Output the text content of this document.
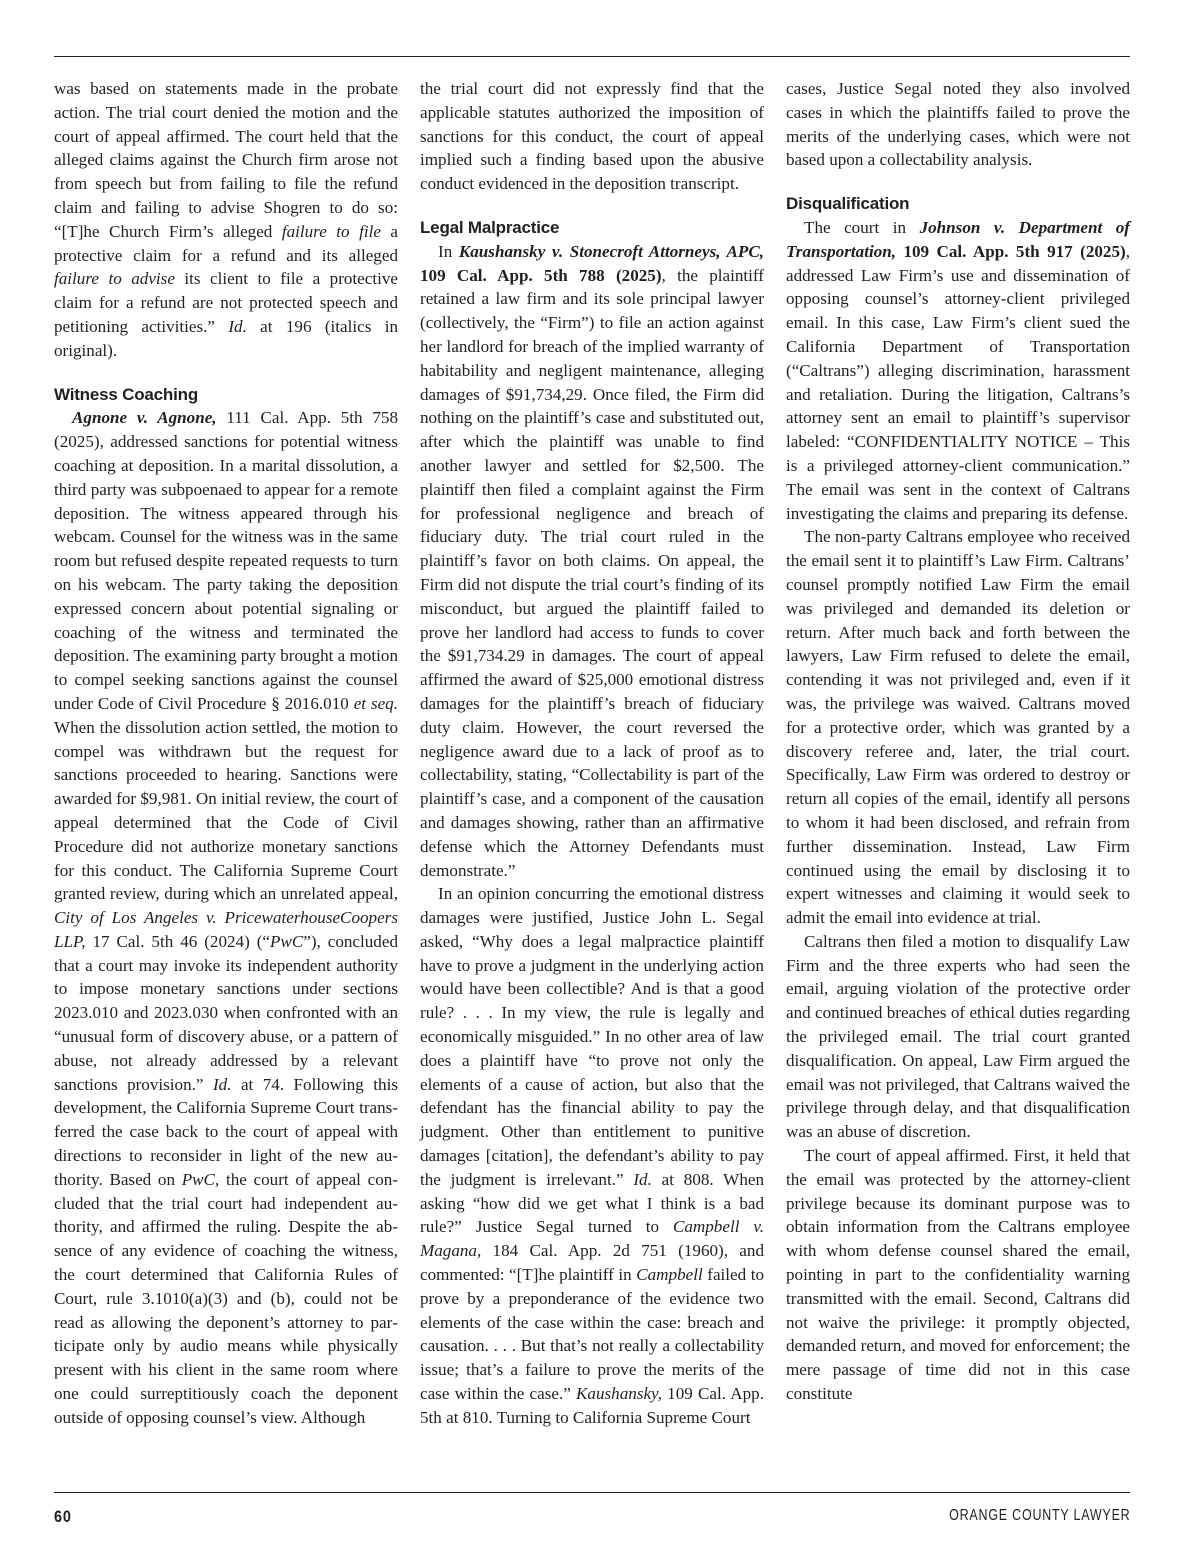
was based on statements made in the probate action. The trial court denied the motion and the court of appeal affirmed. The court held that the alleged claims against the Church firm arose not from speech but from failing to file the refund claim and failing to advise Shogren to do so: “[T]he Church Firm’s alleged failure to file a protective claim for a refund and its alleged failure to advise its client to file a protective claim for a refund are not protected speech and petitioning activities.” Id. at 196 (italics in original).

Witness Coaching

Agnone v. Agnone, 111 Cal. App. 5th 758 (2025), addressed sanctions for potential witness coaching at deposition. In a marital dissolution, a third party was subpoenaed to appear for a remote deposition. The witness appeared through his webcam. Counsel for the witness was in the same room but refused despite repeated requests to turn on his webcam. The party taking the deposition expressed concern about potential signaling or coaching of the witness and terminated the deposition. The examining party brought a motion to compel seeking sanctions against the counsel under Code of Civil Procedure § 2016.010 et seq. When the dissolution action settled, the motion to compel was withdrawn but the request for sanctions proceeded to hearing. Sanctions were awarded for $9,981. On initial review, the court of appeal determined that the Code of Civil Procedure did not authorize monetary sanctions for this conduct. The California Supreme Court granted review, during which an unrelated appeal, City of Los Angeles v. PricewaterhouseCoopers LLP, 17 Cal. 5th 46 (2024) (“PwC”), concluded that a court may invoke its independent authority to impose monetary sanctions under sections 2023.010 and 2023.030 when confronted with an “unusual form of discovery abuse, or a pattern of abuse, not already addressed by a relevant sanctions provision.” Id. at 74. Following this development, the California Supreme Court transferred the case back to the court of appeal with directions to reconsider in light of the new authority. Based on PwC, the court of appeal concluded that the trial court had independent authority, and affirmed the ruling. Despite the absence of any evidence of coaching the witness, the court determined that California Rules of Court, rule 3.1010(a)(3) and (b), could not be read as allowing the deponent’s attorney to participate only by audio means while physically present with his client in the same room where one could surreptitiously coach the deponent outside of opposing counsel’s view. Although

the trial court did not expressly find that the applicable statutes authorized the imposition of sanctions for this conduct, the court of appeal implied such a finding based upon the abusive conduct evidenced in the deposition transcript.

Legal Malpractice

In Kaushansky v. Stonecroft Attorneys, APC, 109 Cal. App. 5th 788 (2025), the plaintiff retained a law firm and its sole principal lawyer (collectively, the “Firm”) to file an action against her landlord for breach of the implied warranty of habitability and negligent maintenance, alleging damages of $91,734,29. Once filed, the Firm did nothing on the plaintiff’s case and substituted out, after which the plaintiff was unable to find another lawyer and settled for $2,500. The plaintiff then filed a complaint against the Firm for professional negligence and breach of fiduciary duty. The trial court ruled in the plaintiff’s favor on both claims. On appeal, the Firm did not dispute the trial court’s finding of its misconduct, but argued the plaintiff failed to prove her landlord had access to funds to cover the $91,734.29 in damages. The court of appeal affirmed the award of $25,000 emotional distress damages for the plaintiff’s breach of fiduciary duty claim. However, the court reversed the negligence award due to a lack of proof as to collectability, stating, “Collectability is part of the plaintiff’s case, and a component of the causation and damages showing, rather than an affirmative defense which the Attorney Defendants must demonstrate.”

In an opinion concurring the emotional distress damages were justified, Justice John L. Segal asked, “Why does a legal malpractice plaintiff have to prove a judgment in the underlying action would have been collectible? And is that a good rule? . . . In my view, the rule is legally and economically misguided.” In no other area of law does a plaintiff have “to prove not only the elements of a cause of action, but also that the defendant has the financial ability to pay the judgment. Other than entitlement to punitive damages [citation], the defendant’s ability to pay the judgment is irrelevant.” Id. at 808. When asking “how did we get what I think is a bad rule?” Justice Segal turned to Campbell v. Magana, 184 Cal. App. 2d 751 (1960), and commented: “[T]he plaintiff in Campbell failed to prove by a preponderance of the evidence two elements of the case within the case: breach and causation. . . . But that’s not really a collectability issue; that’s a failure to prove the merits of the case within the case.” Kaushansky, 109 Cal. App. 5th at 810. Turning to California Supreme Court

cases, Justice Segal noted they also involved cases in which the plaintiffs failed to prove the merits of the underlying cases, which were not based upon a collectability analysis.

Disqualification

The court in Johnson v. Department of Transportation, 109 Cal. App. 5th 917 (2025), addressed Law Firm’s use and dissemination of opposing counsel’s attorney-client privileged email. In this case, Law Firm’s client sued the California Department of Transportation (“Caltrans”) alleging discrimination, harassment and retaliation. During the litigation, Caltrans’s attorney sent an email to plaintiff’s supervisor labeled: “CONFIDENTIALITY NOTICE – This is a privileged attorney-client communication.” The email was sent in the context of Caltrans investigating the claims and preparing its defense.

The non-party Caltrans employee who received the email sent it to plaintiff’s Law Firm. Caltrans’ counsel promptly notified Law Firm the email was privileged and demanded its deletion or return. After much back and forth between the lawyers, Law Firm refused to delete the email, contending it was not privileged and, even if it was, the privilege was waived. Caltrans moved for a protective order, which was granted by a discovery referee and, later, the trial court. Specifically, Law Firm was ordered to destroy or return all copies of the email, identify all persons to whom it had been disclosed, and refrain from further dissemination. Instead, Law Firm continued using the email by disclosing it to expert witnesses and claiming it would seek to admit the email into evidence at trial.

Caltrans then filed a motion to disqualify Law Firm and the three experts who had seen the email, arguing violation of the protective order and continued breaches of ethical duties regarding the privileged email. The trial court granted disqualification. On appeal, Law Firm argued the email was not privileged, that Caltrans waived the privilege through delay, and that disqualification was an abuse of discretion.

The court of appeal affirmed. First, it held that the email was protected by the attorney-client privilege because its dominant purpose was to obtain information from the Caltrans employee with whom defense counsel shared the email, pointing in part to the confidentiality warning transmitted with the email. Second, Caltrans did not waive the privilege: it promptly objected, demanded return, and moved for enforcement; the mere passage of time did not in this case constitute

60	ORANGE COUNTY LAWYER
